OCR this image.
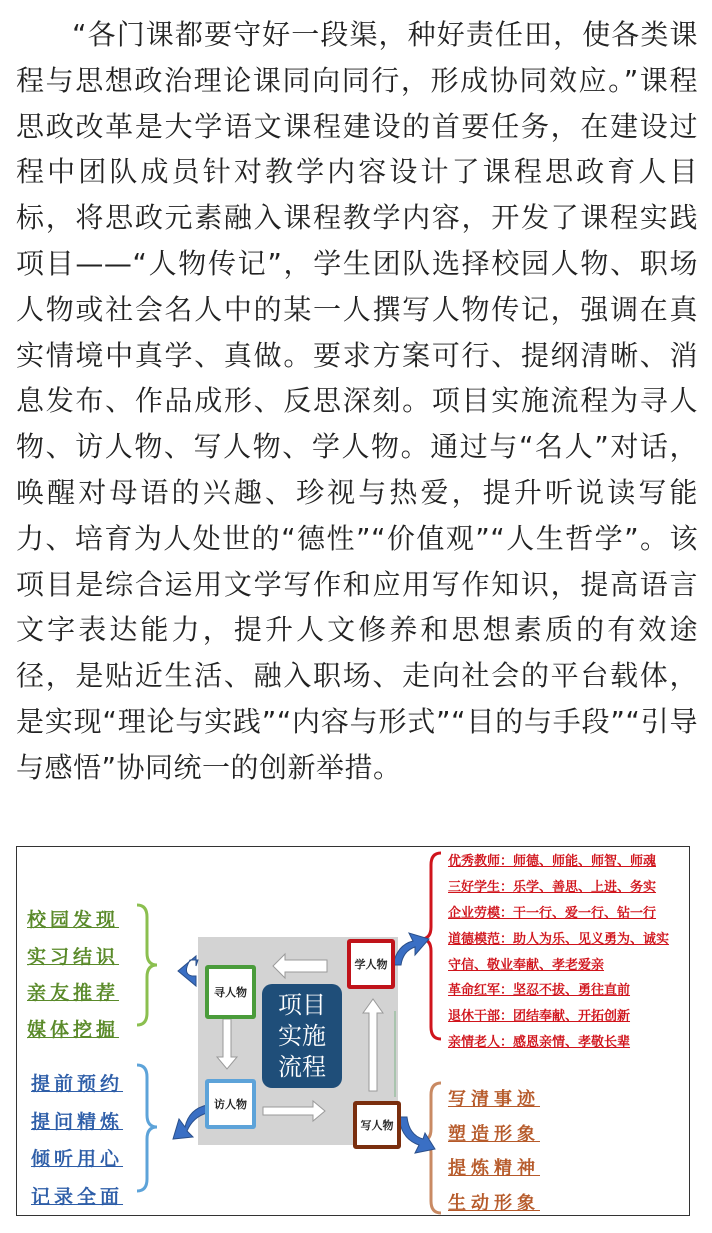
“各门课都要守好一段渠，种好责任田，使各类课程与思想政治理论课同向同行，形成协同效应。”课程思政改革是大学语文课程建设的首要任务，在建设过程中团队成员针对教学内容设计了课程思政育人目标，将思政元素融入课程教学内容，开发了课程实践项目——“人物传记”，学生团队选择校园人物、职场人物或社会名人中的某一人撰写人物传记，强调在真实情境中真学、真做。要求方案可行、提纲清晰、消息发布、作品成形、反思深刻。项目实施流程为寻人物、访人物、写人物、学人物。通过与“名人”对话，唤醒对母语的兴趣、珍视与热爱，提升听说读写能力、培育为人处世的“德性”“价值观”“人生哲学”。该项目是综合运用文学写作和应用写作知识，提高语言文字表达能力，提升人文修养和思想素质的有效途径，是贴近生活、融入职场、走向社会的平台载体，是实现“理论与实践”“内容与形式”“目的与手段”“引导与感悟”协同统一的创新举措。

项目实施流程
寻人物
访人物
学人物
写人物
校园发现
实习结识
亲友推荐
媒体挖掘
提前预约
提问精炼
倾听用心
记录全面
优秀教师：师德、师能、师智、师魂
三好学生：乐学、善思、上进、务实
企业劳模：干一行、爱一行、钻一行
道德模范：助人为乐、见义勇为、诚实
守信、敬业奉献、孝老爱亲
革命红军：坚忍不拔、勇往直前
退休干部：团结奉献、开拓创新
亲情老人：感恩亲情、孝敬长辈
写清事迹
塑造形象
提炼精神
生动形象
